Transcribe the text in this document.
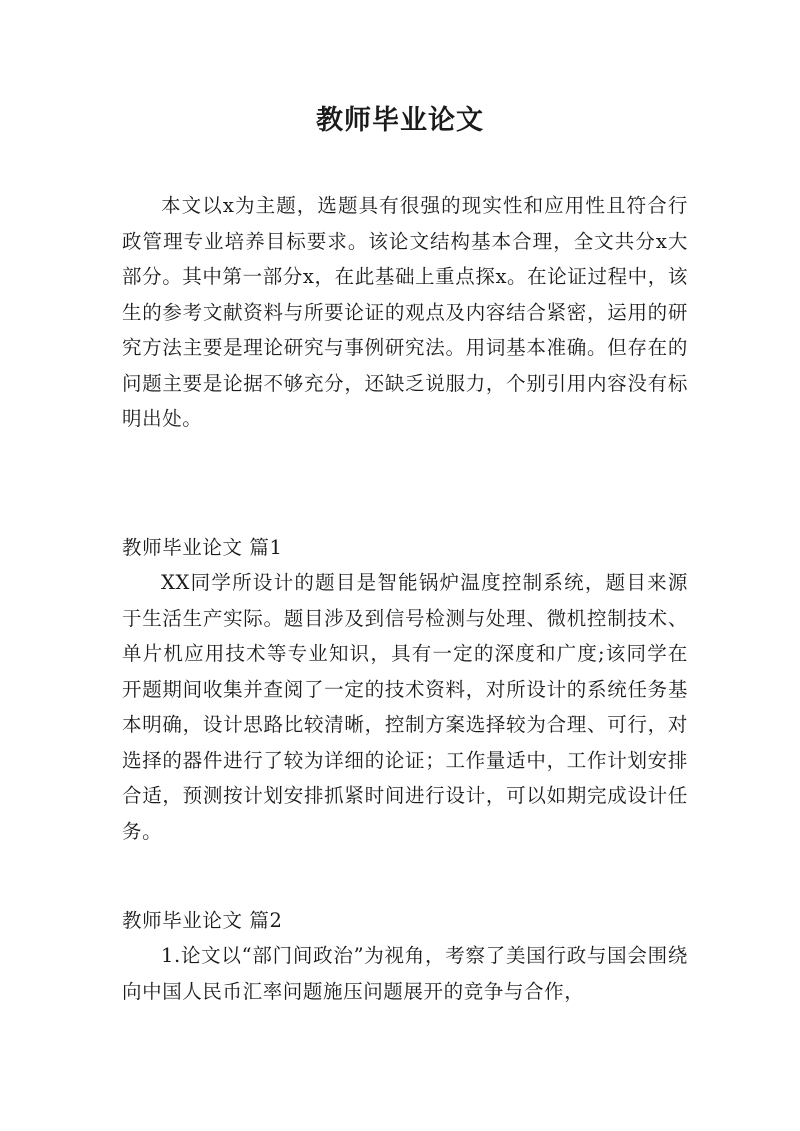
教师毕业论文

本文以x为主题，选题具有很强的现实性和应用性且符合行政管理专业培养目标要求。该论文结构基本合理，全文共分x大部分。其中第一部分x，在此基础上重点探x。在论证过程中，该生的参考文献资料与所要论证的观点及内容结合紧密，运用的研究方法主要是理论研究与事例研究法。用词基本准确。但存在的问题主要是论据不够充分，还缺乏说服力，个别引用内容没有标明出处。

教师毕业论文 篇1

XX同学所设计的题目是智能锅炉温度控制系统，题目来源于生活生产实际。题目涉及到信号检测与处理、微机控制技术、单片机应用技术等专业知识，具有一定的深度和广度;该同学在开题期间收集并查阅了一定的技术资料，对所设计的系统任务基本明确，设计思路比较清晰，控制方案选择较为合理、可行，对选择的器件进行了较为详细的论证；工作量适中，工作计划安排合适，预测按计划安排抓紧时间进行设计，可以如期完成设计任务。

教师毕业论文 篇2

1.论文以“部门间政治”为视角，考察了美国行政与国会围绕向中国人民币汇率问题施压问题展开的竞争与合作，
